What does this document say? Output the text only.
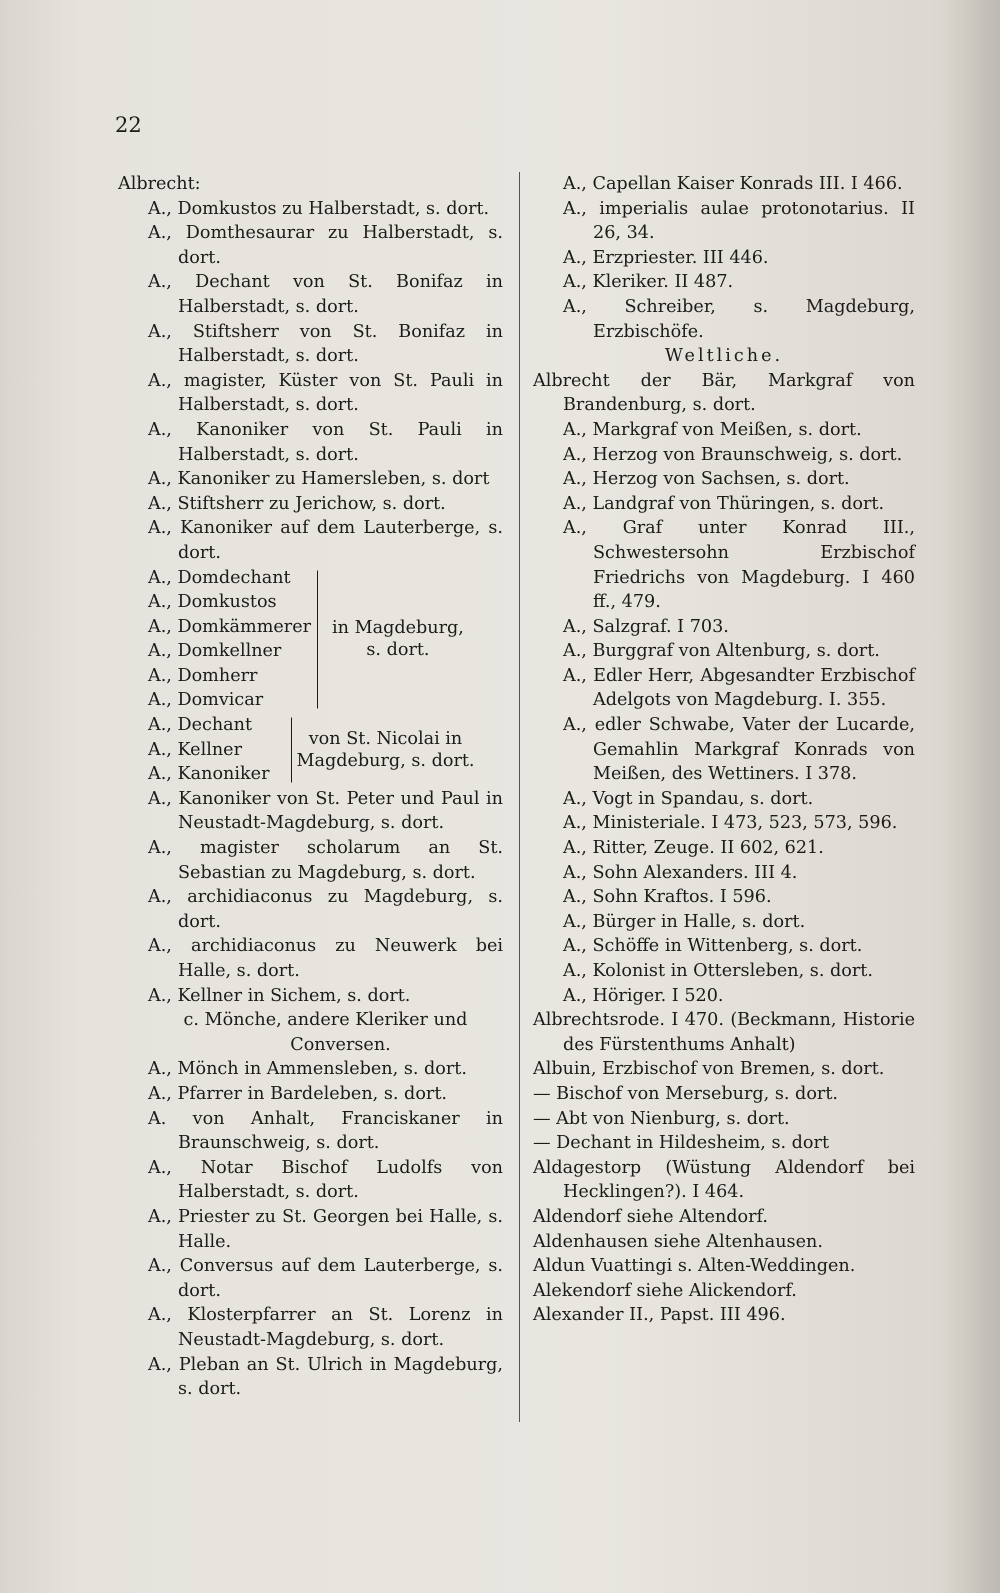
22

Albrecht:

A., Domkustos zu Halberstadt, s. dort.

A., Domthesaurar zu Halberstadt, s. dort.

A., Dechant von St. Bonifaz in Halberstadt, s. dort.

A., Stiftsherr von St. Bonifaz in Halberstadt, s. dort.

A., magister, Küster von St. Pauli in Halberstadt, s. dort.

A., Kanoniker von St. Pauli in Halberstadt, s. dort.

A., Kanoniker zu Hamersleben, s. dort

A., Stiftsherr zu Jerichow, s. dort.

A., Kanoniker auf dem Lauterberge, s. dort.

A., Domdechant
A., Domkustos
A., Domkämmerer
A., Domkellner
A., Domherr
A., Domvicar
in Magdeburg,
s. dort.
A., Dechant
A., Kellner
A., Kanoniker
von St. Nicolai in
Magdeburg, s. dort.

A., Kanoniker von St. Peter und Paul in Neustadt-Magdeburg, s. dort.

A., magister scholarum an St. Sebastian zu Magdeburg, s. dort.

A., archidiaconus zu Magdeburg, s. dort.

A., archidiaconus zu Neuwerk bei Halle, s. dort.

A., Kellner in Sichem, s. dort.

c. Mönche, andere Kleriker und Conversen.

A., Mönch in Ammensleben, s. dort.

A., Pfarrer in Bardeleben, s. dort.

A. von Anhalt, Franciskaner in Braunschweig, s. dort.

A., Notar Bischof Ludolfs von Halberstadt, s. dort.

A., Priester zu St. Georgen bei Halle, s. Halle.

A., Conversus auf dem Lauterberge, s. dort.

A., Klosterpfarrer an St. Lorenz in Neustadt-Magdeburg, s. dort.

A., Pleban an St. Ulrich in Magdeburg, s. dort.

A., Capellan Kaiser Konrads III. I 466.

A., imperialis aulae protonotarius. II 26, 34.

A., Erzpriester. III 446.

A., Kleriker. II 487.

A., Schreiber, s. Magdeburg, Erzbischöfe.

Weltliche.

Albrecht der Bär, Markgraf von Brandenburg, s. dort.

A., Markgraf von Meißen, s. dort.

A., Herzog von Braunschweig, s. dort.

A., Herzog von Sachsen, s. dort.

A., Landgraf von Thüringen, s. dort.

A., Graf unter Konrad III., Schwestersohn Erzbischof Friedrichs von Magdeburg. I 460 ff., 479.

A., Salzgraf. I 703.

A., Burggraf von Altenburg, s. dort.

A., Edler Herr, Abgesandter Erzbischof Adelgots von Magdeburg. I. 355.

A., edler Schwabe, Vater der Lucarde, Gemahlin Markgraf Konrads von Meißen, des Wettiners. I 378.

A., Vogt in Spandau, s. dort.

A., Ministeriale. I 473, 523, 573, 596.

A., Ritter, Zeuge. II 602, 621.

A., Sohn Alexanders. III 4.

A., Sohn Kraftos. I 596.

A., Bürger in Halle, s. dort.

A., Schöffe in Wittenberg, s. dort.

A., Kolonist in Ottersleben, s. dort.

A., Höriger. I 520.

Albrechtsrode. I 470. (Beckmann, Historie des Fürstenthums Anhalt)

Albuin, Erzbischof von Bremen, s. dort.

— Bischof von Merseburg, s. dort.

— Abt von Nienburg, s. dort.

— Dechant in Hildesheim, s. dort

Aldagestorp (Wüstung Aldendorf bei Hecklingen?). I 464.

Aldendorf siehe Altendorf.

Aldenhausen siehe Altenhausen.

Aldun Vuattingi s. Alten-Weddingen.

Alekendorf siehe Alickendorf.

Alexander II., Papst. III 496.
